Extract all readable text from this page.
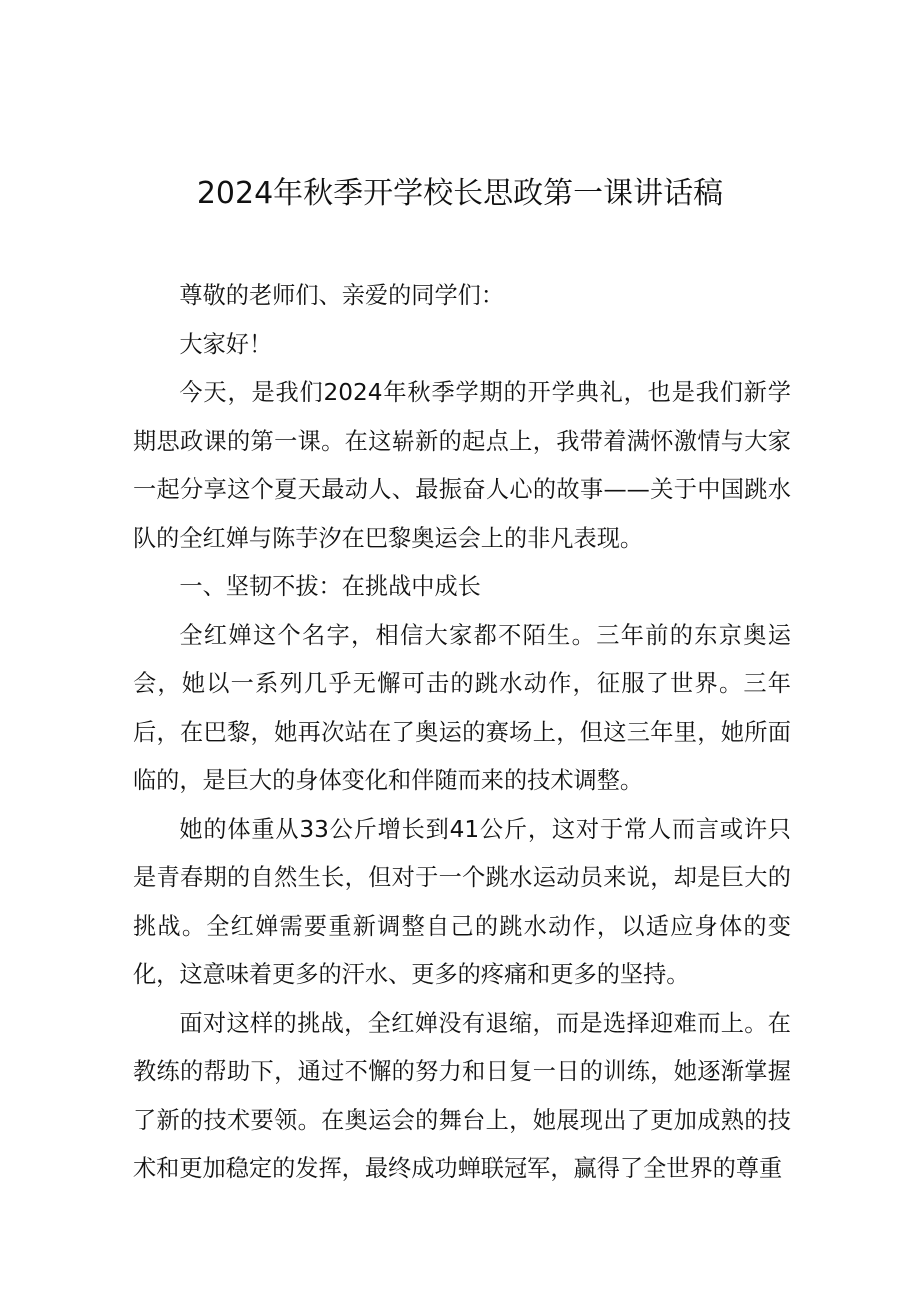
2024年秋季开学校长思政第一课讲话稿

尊敬的老师们、亲爱的同学们：

大家好！

今天，是我们2024年秋季学期的开学典礼，也是我们新学期思政课的第一课。在这崭新的起点上，我带着满怀激情与大家一起分享这个夏天最动人、最振奋人心的故事——关于中国跳水队的全红婵与陈芋汐在巴黎奥运会上的非凡表现。

一、坚韧不拔：在挑战中成长

全红婵这个名字，相信大家都不陌生。三年前的东京奥运会，她以一系列几乎无懈可击的跳水动作，征服了世界。三年后，在巴黎，她再次站在了奥运的赛场上，但这三年里，她所面临的，是巨大的身体变化和伴随而来的技术调整。

她的体重从33公斤增长到41公斤，这对于常人而言或许只是青春期的自然生长，但对于一个跳水运动员来说，却是巨大的挑战。全红婵需要重新调整自己的跳水动作，以适应身体的变化，这意味着更多的汗水、更多的疼痛和更多的坚持。

面对这样的挑战，全红婵没有退缩，而是选择迎难而上。在教练的帮助下，通过不懈的努力和日复一日的训练，她逐渐掌握了新的技术要领。在奥运会的舞台上，她展现出了更加成熟的技术和更加稳定的发挥，最终成功蝉联冠军，赢得了全世界的尊重
